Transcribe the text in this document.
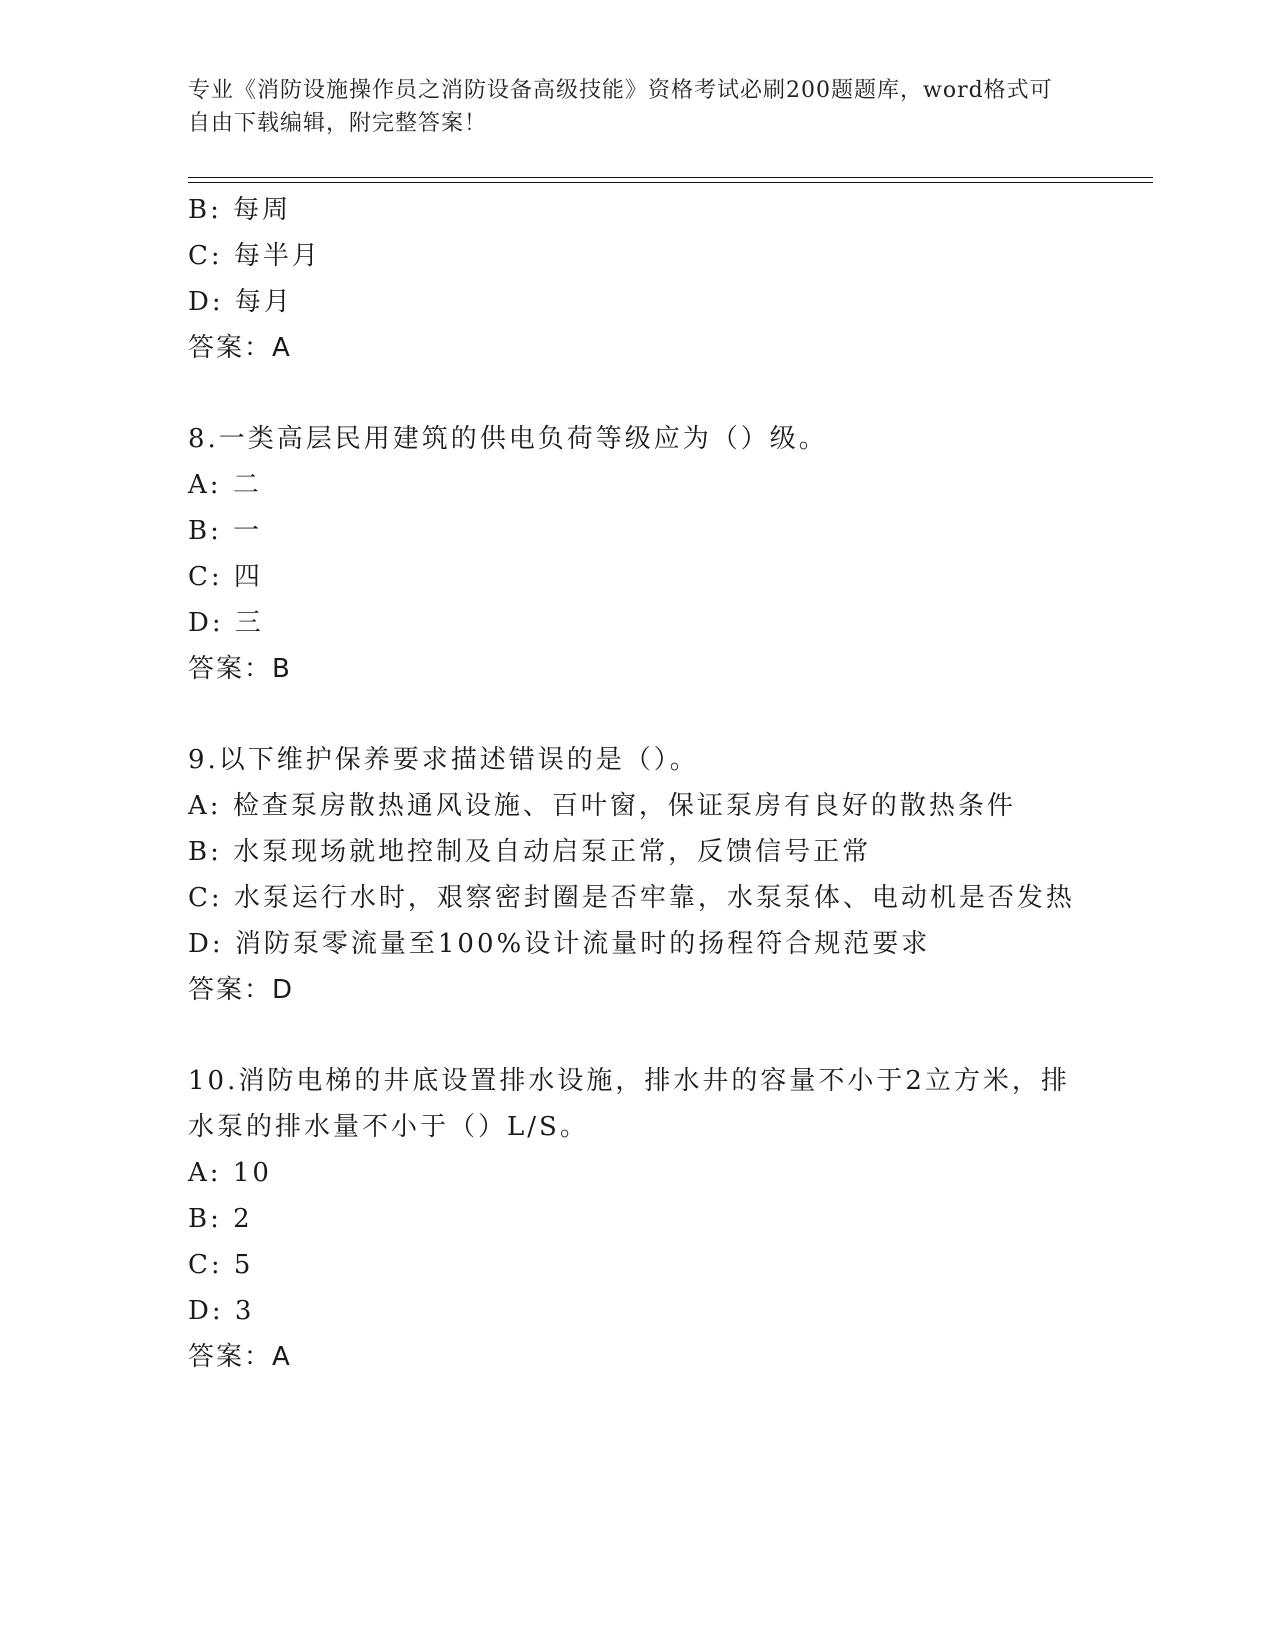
专业《消防设施操作员之消防设备高级技能》资格考试必刷200题题库，word格式可自由下载编辑，附完整答案！
B: 每周
C: 每半月
D: 每月
答案：A
8.一类高层民用建筑的供电负荷等级应为（）级。
A: 二
B: 一
C: 四
D: 三
答案：B
9.以下维护保养要求描述错误的是（）。
A: 检查泵房散热通风设施、百叶窗，保证泵房有良好的散热条件
B: 水泵现场就地控制及自动启泵正常，反馈信号正常
C: 水泵运行水时，艰察密封圈是否牢靠，水泵泵体、电动机是否发热
D: 消防泵零流量至100%设计流量时的扬程符合规范要求
答案：D
10.消防电梯的井底设置排水设施，排水井的容量不小于2立方米，排
水泵的排水量不小于（）L/S。
A: 10
B: 2
C: 5
D: 3
答案：A
